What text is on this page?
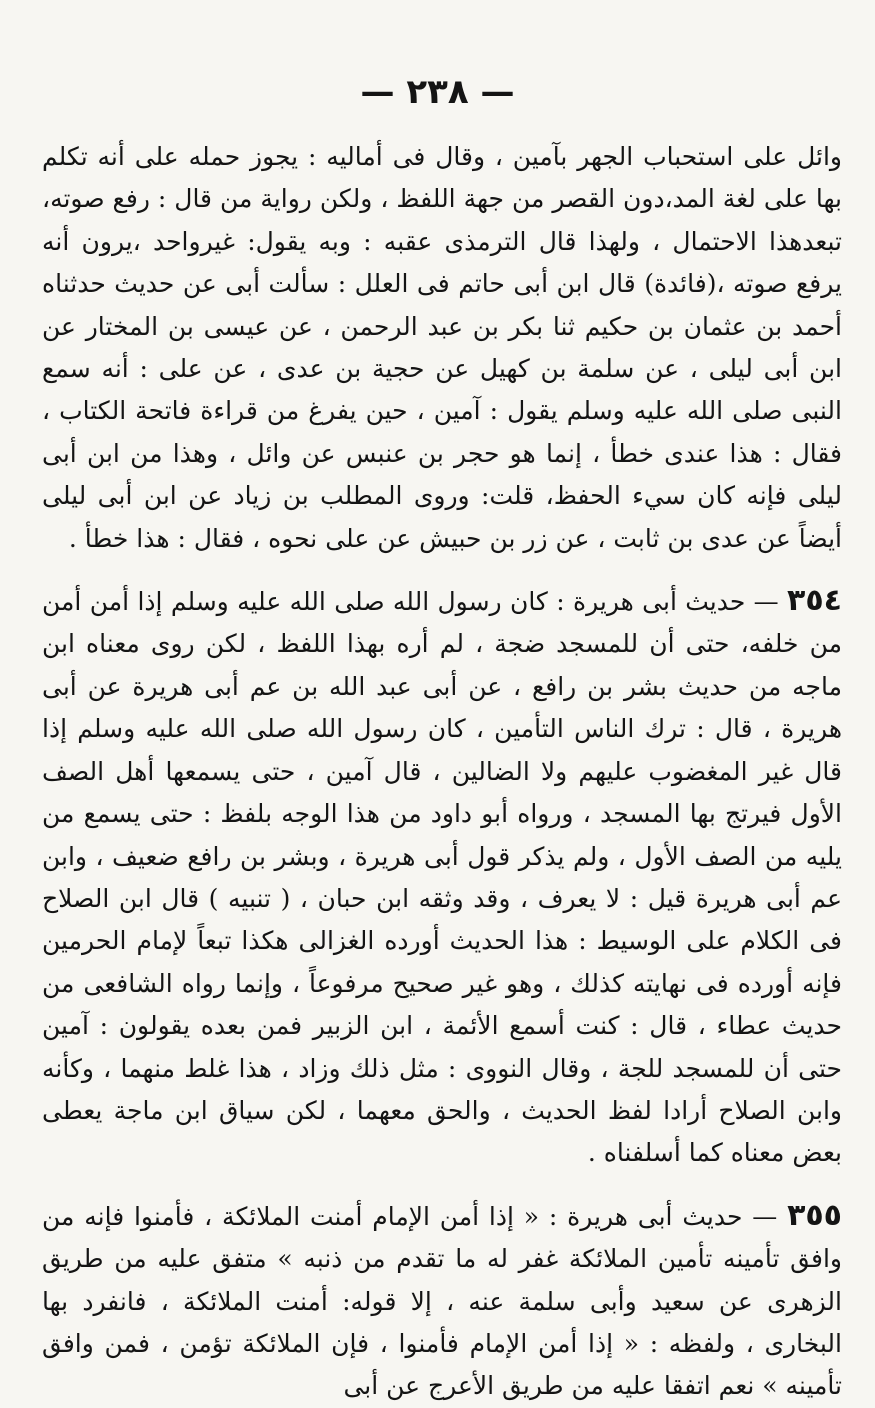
— ٢٣٨ —

وائل على استحباب الجهر بآمين ، وقال فى أماليه : يجوز حمله على أنه تكلم بها على لغة المد،دون القصر من جهة اللفظ ، ولكن رواية من قال : رفع صوته، تبعدهذا الاحتمال ، ولهذا قال الترمذى عقبه : وبه يقول: غيرواحد ،يرون أنه يرفع صوته ،(فائدة) قال ابن أبى حاتم فى العلل : سألت أبى عن حديث حدثناه أحمد بن عثمان بن حكيم ثنا بكر بن عبد الرحمن ، عن عيسى بن المختار عن ابن أبى ليلى ، عن سلمة بن كهيل عن حجية بن عدى ، عن على : أنه سمع النبى صلى الله عليه وسلم يقول : آمين ، حين يفرغ من قراءة فاتحة الكتاب ، فقال : هذا عندى خطأ ، إنما هو حجر بن عنبس عن وائل ، وهذا من ابن أبى ليلى فإنه كان سيء الحفظ، قلت: وروى المطلب بن زياد عن ابن أبى ليلى أيضاً عن عدى بن ثابت ، عن زر بن حبيش عن على نحوه ، فقال : هذا خطأ .

٣٥٤ — حديث أبى هريرة : كان رسول الله صلى الله عليه وسلم إذا أمن أمن من خلفه، حتى أن للمسجد ضجة ، لم أره بهذا اللفظ ، لكن روى معناه ابن ماجه من حديث بشر بن رافع ، عن أبى عبد الله بن عم أبى هريرة عن أبى هريرة ، قال : ترك الناس التأمين ، كان رسول الله صلى الله عليه وسلم إذا قال غير المغضوب عليهم ولا الضالين ، قال آمين ، حتى يسمعها أهل الصف الأول فيرتج بها المسجد ، ورواه أبو داود من هذا الوجه بلفظ : حتى يسمع من يليه من الصف الأول ، ولم يذكر قول أبى هريرة ، وبشر بن رافع ضعيف ، وابن عم أبى هريرة قيل : لا يعرف ، وقد وثقه ابن حبان ، ( تنبيه ) قال ابن الصلاح فى الكلام على الوسيط : هذا الحديث أورده الغزالى هكذا تبعاً لإمام الحرمين فإنه أورده فى نهايته كذلك ، وهو غير صحيح مرفوعاً ، وإنما رواه الشافعى من حديث عطاء ، قال : كنت أسمع الأئمة ، ابن الزبير فمن بعده يقولون : آمين حتى أن للمسجد للجة ، وقال النووى : مثل ذلك وزاد ، هذا غلط منهما ، وكأنه وابن الصلاح أرادا لفظ الحديث ، والحق معهما ، لكن سياق ابن ماجة يعطى بعض معناه كما أسلفناه .

٣٥٥ — حديث أبى هريرة : « إذا أمن الإمام أمنت الملائكة ، فأمنوا فإنه من وافق تأمينه تأمين الملائكة غفر له ما تقدم من ذنبه » متفق عليه من طريق الزهرى عن سعيد وأبى سلمة عنه ، إلا قوله: أمنت الملائكة ، فانفرد بها البخارى ، ولفظه : « إذا أمن الإمام فأمنوا ، فإن الملائكة تؤمن ، فمن وافق تأمينه » نعم اتفقا عليه من طريق الأعرج عن أبى
